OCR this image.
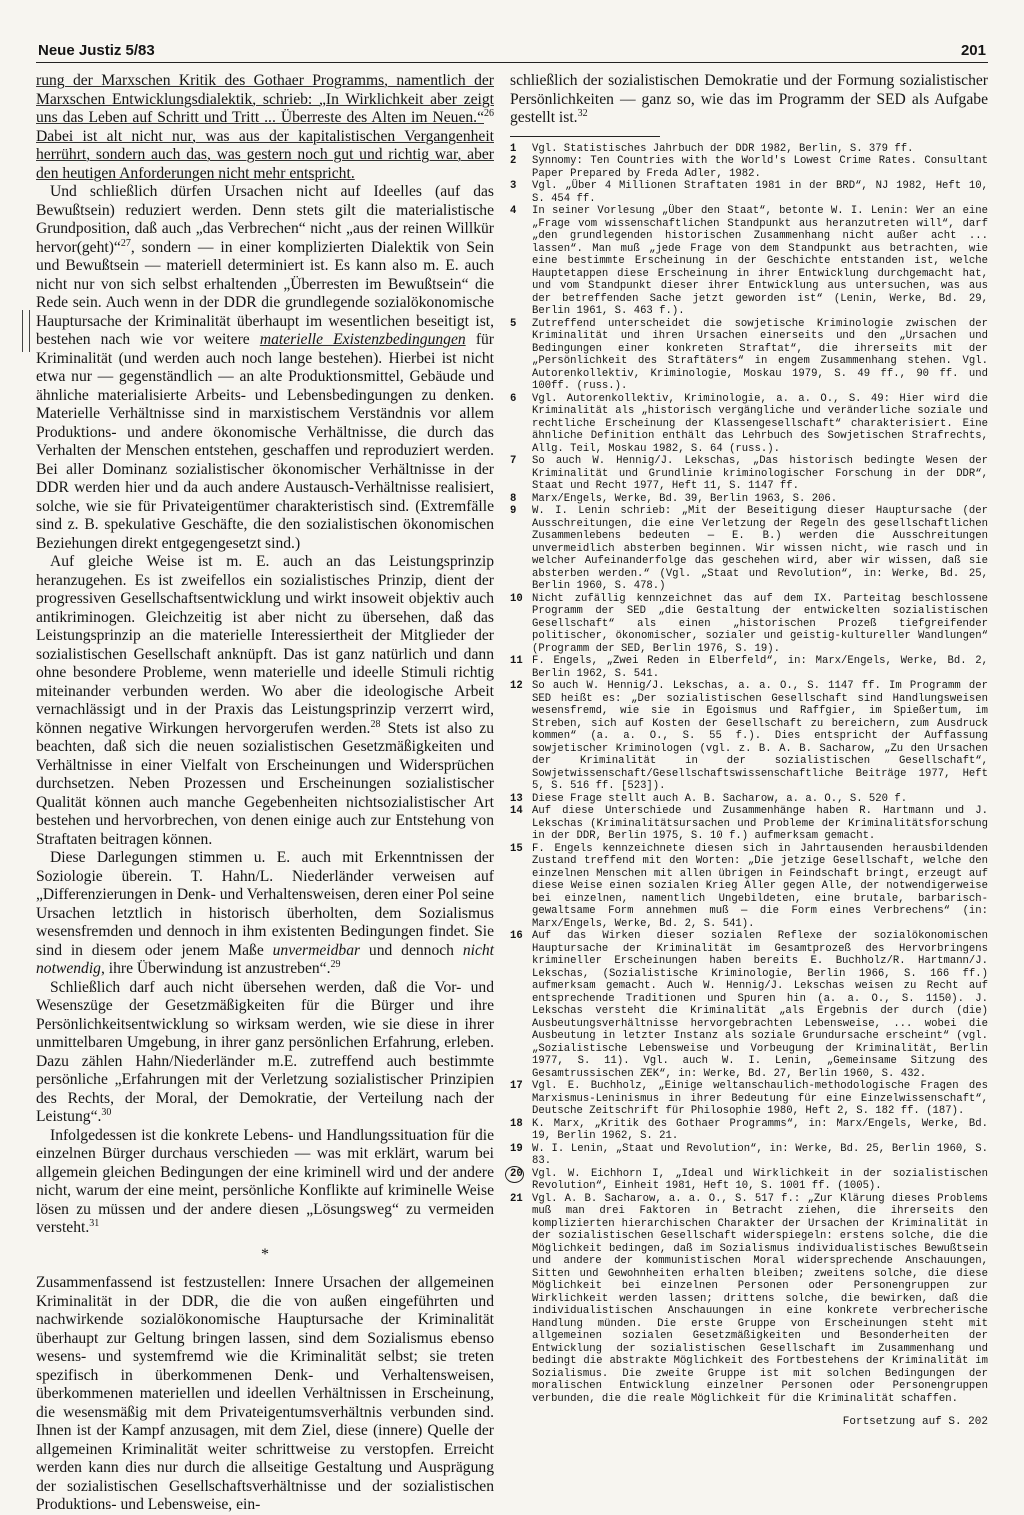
Neue Justiz 5/83	201

rung der Marxschen Kritik des Gothaer Programms, namentlich der Marxschen Entwicklungsdialektik, schrieb: „In Wirklichkeit aber zeigt uns das Leben auf Schritt und Tritt ... Überreste des Alten im Neuen.“$^{26}$ Dabei ist alt nicht nur, was aus der kapitalistischen Vergangenheit herrührt, sondern auch das, was gestern noch gut und richtig war, aber den heutigen Anforderungen nicht mehr entspricht.

Und schließlich dürfen Ursachen nicht auf Ideelles (auf das Bewußtsein) reduziert werden. Denn stets gilt die materialistische Grundposition, daß auch „das Verbrechen“ nicht „aus der reinen Willkür hervor(geht)“$^{27}$, sondern — in einer komplizierten Dialektik von Sein und Bewußtsein — materiell determiniert ist. Es kann also m. E. auch nicht nur von sich selbst erhaltenden „Überresten im Bewußtsein“ die Rede sein. Auch wenn in der DDR die grundlegende sozialökonomische Hauptursache der Kriminalität überhaupt im wesentlichen beseitigt ist, bestehen nach wie vor weitere materielle Existenzbedingungen für Kriminalität (und werden auch noch lange bestehen). Hierbei ist nicht etwa nur — gegenständlich — an alte Produktionsmittel, Gebäude und ähnliche materialisierte Arbeits- und Lebensbedingungen zu denken. Materielle Verhältnisse sind in marxistischem Verständnis vor allem Produktions- und andere ökonomische Verhältnisse, die durch das Verhalten der Menschen entstehen, geschaffen und reproduziert werden. Bei aller Dominanz sozialistischer ökonomischer Verhältnisse in der DDR werden hier und da auch andere Austausch-Verhältnisse realisiert, solche, wie sie für Privateigentümer charakteristisch sind. (Extremfälle sind z. B. spekulative Geschäfte, die den sozialistischen ökonomischen Beziehungen direkt entgegengesetzt sind.)

Auf gleiche Weise ist m. E. auch an das Leistungsprinzip heranzugehen. Es ist zweifellos ein sozialistisches Prinzip, dient der progressiven Gesellschaftsentwicklung und wirkt insoweit objektiv auch antikriminogen. Gleichzeitig ist aber nicht zu übersehen, daß das Leistungsprinzip an die materielle Interessiertheit der Mitglieder der sozialistischen Gesellschaft anknüpft. Das ist ganz natürlich und dann ohne besondere Probleme, wenn materielle und ideelle Stimuli richtig miteinander verbunden werden. Wo aber die ideologische Arbeit vernachlässigt und in der Praxis das Leistungsprinzip verzerrt wird, können negative Wirkungen hervorgerufen werden.$^{28}$ Stets ist also zu beachten, daß sich die neuen sozialistischen Gesetzmäßigkeiten und Verhältnisse in einer Vielfalt von Erscheinungen und Widersprüchen durchsetzen. Neben Prozessen und Erscheinungen sozialistischer Qualität können auch manche Gegebenheiten nichtsozialistischer Art bestehen und hervorbrechen, von denen einige auch zur Entstehung von Straftaten beitragen können.

Diese Darlegungen stimmen u. E. auch mit Erkenntnissen der Soziologie überein. T. Hahn/L. Niederländer verweisen auf „Differenzierungen in Denk- und Verhaltensweisen, deren einer Pol seine Ursachen letztlich in historisch überholten, dem Sozialismus wesensfremden und dennoch in ihm existenten Bedingungen findet. Sie sind in diesem oder jenem Maße unvermeidbar und dennoch nicht notwendig, ihre Überwindung ist anzustreben“.$^{29}$

Schließlich darf auch nicht übersehen werden, daß die Vor- und Wesenszüge der Gesetzmäßigkeiten für die Bürger und ihre Persönlichkeitsentwicklung so wirksam werden, wie sie diese in ihrer unmittelbaren Umgebung, in ihrer ganz persönlichen Erfahrung, erleben. Dazu zählen Hahn/Niederländer m.E. zutreffend auch bestimmte persönliche „Erfahrungen mit der Verletzung sozialistischer Prinzipien des Rechts, der Moral, der Demokratie, der Verteilung nach der Leistung“.$^{30}$

Infolgedessen ist die konkrete Lebens- und Handlungssituation für die einzelnen Bürger durchaus verschieden — was mit erklärt, warum bei allgemein gleichen Bedingungen der eine kriminell wird und der andere nicht, warum der eine meint, persönliche Konflikte auf kriminelle Weise lösen zu müssen und der andere diesen „Lösungsweg“ zu vermeiden versteht.$^{31}$

*

Zusammenfassend ist festzustellen: Innere Ursachen der allgemeinen Kriminalität in der DDR, die die von außen eingeführten und nachwirkende sozialökonomische Hauptursache der Kriminalität überhaupt zur Geltung bringen lassen, sind dem Sozialismus ebenso wesens- und systemfremd wie die Kriminalität selbst; sie treten spezifisch in überkommenen Denk- und Verhaltensweisen, überkommenen materiellen und ideellen Verhältnissen in Erscheinung, die wesensmäßig mit dem Privateigentumsverhältnis verbunden sind. Ihnen ist der Kampf anzusagen, mit dem Ziel, diese (innere) Quelle der allgemeinen Kriminalität weiter schrittweise zu verstopfen. Erreicht werden kann dies nur durch die allseitige Gestaltung und Ausprägung der sozialistischen Gesellschaftsverhältnisse und der sozialistischen Produktions- und Lebensweise, ein-

schließlich der sozialistischen Demokratie und der Formung sozialistischer Persönlichkeiten — ganz so, wie das im Programm der SED als Aufgabe gestellt ist.$^{32}$

1	Vgl. Statistisches Jahrbuch der DDR 1982, Berlin, S. 379 ff.
2	Synnomy: Ten Countries with the World's Lowest Crime Rates. Consultant Paper Prepared by Freda Adler, 1982.
3	Vgl. „Über 4 Millionen Straftaten 1981 in der BRD“, NJ 1982, Heft 10, S. 454 ff.
4	In seiner Vorlesung „Über den Staat“, betonte W. I. Lenin: Wer an eine „Frage vom wissenschaftlichen Standpunkt aus heranzutreten will“, darf „den grundlegenden historischen Zusammenhang nicht außer acht ... lassen“. Man muß „jede Frage von dem Standpunkt aus betrachten, wie eine bestimmte Erscheinung in der Geschichte entstanden ist, welche Hauptetappen diese Erscheinung in ihrer Entwicklung durchgemacht hat, und vom Standpunkt dieser ihrer Entwicklung aus untersuchen, was aus der betreffenden Sache jetzt geworden ist“ (Lenin, Werke, Bd. 29, Berlin 1961, S. 463 f.).
5	Zutreffend unterscheidet die sowjetische Kriminologie zwischen der Kriminalität und ihren Ursachen einerseits und den „Ursachen und Bedingungen einer konkreten Straftat“, die ihrerseits mit der „Persönlichkeit des Straftäters“ in engem Zusammenhang stehen. Vgl. Autorenkollektiv, Kriminologie, Moskau 1979, S. 49 ff., 90 ff. und 100ff. (russ.).
6	Vgl. Autorenkollektiv, Kriminologie, a. a. O., S. 49: Hier wird die Kriminalität als „historisch vergängliche und veränderliche soziale und rechtliche Erscheinung der Klassengesellschaft“ charakterisiert. Eine ähnliche Definition enthält das Lehrbuch des Sowjetischen Strafrechts, Allg. Teil, Moskau 1982, S. 64 (russ.).
7	So auch W. Hennig/J. Lekschas, „Das historisch bedingte Wesen der Kriminalität und Grundlinie kriminologischer Forschung in der DDR“, Staat und Recht 1977, Heft 11, S. 1147 ff.
8	Marx/Engels, Werke, Bd. 39, Berlin 1963, S. 206.
9	W. I. Lenin schrieb: „Mit der Beseitigung dieser Hauptursache (der Ausschreitungen, die eine Verletzung der Regeln des gesellschaftlichen Zusammenlebens bedeuten — E. B.) werden die Ausschreitungen unvermeidlich absterben beginnen. Wir wissen nicht, wie rasch und in welcher Aufeinanderfolge das geschehen wird, aber wir wissen, daß sie absterben werden.“ (Vgl. „Staat und Revolution“, in: Werke, Bd. 25, Berlin 1960, S. 478.)
10 Nicht zufällig kennzeichnet das auf dem IX. Parteitag beschlossene Programm der SED „die Gestaltung der entwickelten sozialistischen Gesellschaft“ als einen „historischen Prozeß tiefgreifender politischer, ökonomischer, sozialer und geistig-kultureller Wandlungen“ (Programm der SED, Berlin 1976, S. 19).
11 F. Engels, „Zwei Reden in Elberfeld“, in: Marx/Engels, Werke, Bd. 2, Berlin 1962, S. 541.
12 So auch W. Hennig/J. Lekschas, a. a. O., S. 1147 ff. Im Programm der SED heißt es: „Der sozialistischen Gesellschaft sind Handlungsweisen wesensfremd, wie sie in Egoismus und Raffgier, im Spießertum, im Streben, sich auf Kosten der Gesellschaft zu bereichern, zum Ausdruck kommen“ (a. a. O., S. 55 f.). Dies entspricht der Auffassung sowjetischer Kriminologen (vgl. z. B. A. B. Sacharow, „Zu den Ursachen der Kriminalität in der sozialistischen Gesellschaft“, Sowjetwissenschaft/Gesellschaftswissenschaftliche Beiträge 1977, Heft 5, S. 516 ff. [523]).
13 Diese Frage stellt auch A. B. Sacharow, a. a. O., S. 520 f.
14 Auf diese Unterschiede und Zusammenhänge haben R. Hartmann und J. Lekschas (Kriminalitätsursachen und Probleme der Kriminalitätsforschung in der DDR, Berlin 1975, S. 10 f.) aufmerksam gemacht.
15 F. Engels kennzeichnete diesen sich in Jahrtausenden herausbildenden Zustand treffend mit den Worten: „Die jetzige Gesellschaft, welche den einzelnen Menschen mit allen übrigen in Feindschaft bringt, erzeugt auf diese Weise einen sozialen Krieg Aller gegen Alle, der notwendigerweise bei einzelnen, namentlich Ungebildeten, eine brutale, barbarisch-gewaltsame Form annehmen muß — die Form eines Verbrechens“ (in: Marx/Engels, Werke, Bd. 2, S. 541).
16 Auf das Wirken dieser sozialen Reflexe der sozialökonomischen Hauptursache der Kriminalität im Gesamtprozeß des Hervorbringens krimineller Erscheinungen haben bereits E. Buchholz/R. Hartmann/J. Lekschas, (Sozialistische Kriminologie, Berlin 1966, S. 166 ff.) aufmerksam gemacht. Auch W. Hennig/J. Lekschas weisen zu Recht auf entsprechende Traditionen und Spuren hin (a. a. O., S. 1150). J. Lekschas versteht die Kriminalität „als Ergebnis der durch (die) Ausbeutungsverhältnisse hervorgebrachten Lebensweise, ... wobei die Ausbeutung in letzter Instanz als soziale Grundursache erscheint“ (vgl. „Sozialistische Lebensweise und Vorbeugung der Kriminalität, Berlin 1977, S. 11). Vgl. auch W. I. Lenin, „Gemeinsame Sitzung des Gesamtrussischen ZEK“, in: Werke, Bd. 27, Berlin 1960, S. 432.
17 Vgl. E. Buchholz, „Einige weltanschaulich-methodologische Fragen des Marxismus-Leninismus in ihrer Bedeutung für eine Einzelwissenschaft“, Deutsche Zeitschrift für Philosophie 1980, Heft 2, S. 182 ff. (187).
18 K. Marx, „Kritik des Gothaer Programms“, in: Marx/Engels, Werke, Bd. 19, Berlin 1962, S. 21.
19 W. I. Lenin, „Staat und Revolution“, in: Werke, Bd. 25, Berlin 1960, S. 83.
20 Vgl. W. Eichhorn I, „Ideal und Wirklichkeit in der sozialistischen Revolution“, Einheit 1981, Heft 10, S. 1001 ff. (1005).
21 Vgl. A. B. Sacharow, a. a. O., S. 517 f.: „Zur Klärung dieses Problems muß man drei Faktoren in Betracht ziehen, die ihrerseits den komplizierten hierarchischen Charakter der Ursachen der Kriminalität in der sozialistischen Gesellschaft widerspiegeln: erstens solche, die die Möglichkeit bedingen, daß im Sozialismus individualistisches Bewußtsein und andere der kommunistischen Moral widersprechende Anschauungen, Sitten und Gewohnheiten erhalten bleiben; zweitens solche, die diese Möglichkeit bei einzelnen Personen oder Personengruppen zur Wirklichkeit werden lassen; drittens solche, die bewirken, daß die individualistischen Anschauungen in eine konkrete verbrecherische Handlung münden. Die erste Gruppe von Erscheinungen steht mit allgemeinen sozialen Gesetzmäßigkeiten und Besonderheiten der Entwicklung der sozialistischen Gesellschaft im Zusammenhang und bedingt die abstrakte Möglichkeit des Fortbestehens der Kriminalität im Sozialismus. Die zweite Gruppe ist mit solchen Bedingungen der moralischen Entwicklung einzelner Personen oder Personengruppen verbunden, die die reale Möglichkeit für die Kriminalität schaffen.
Fortsetzung auf S. 202
